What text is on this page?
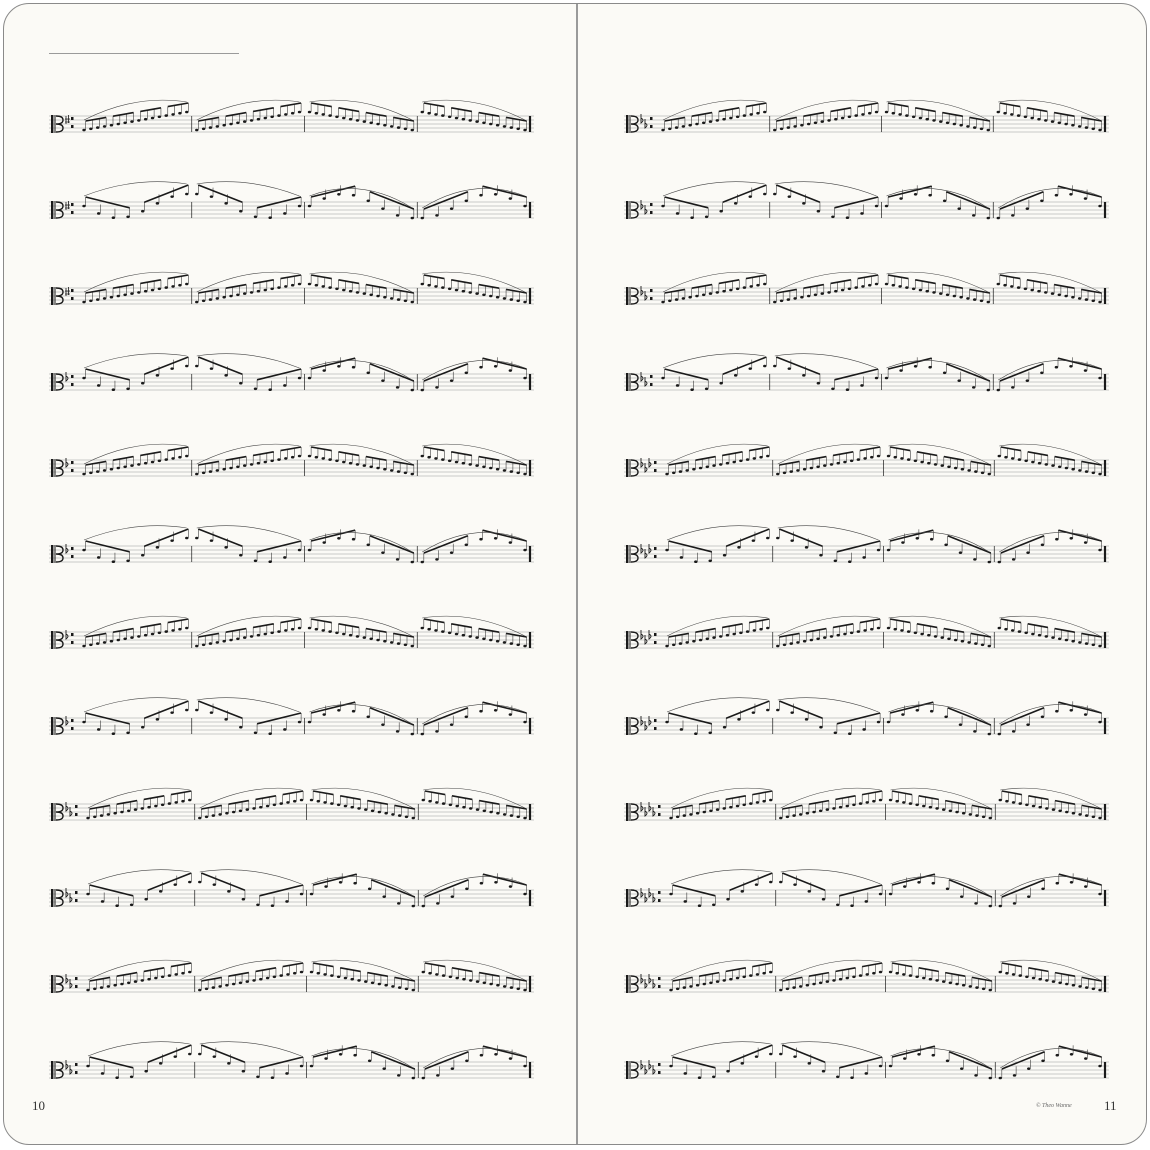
10	© Theo Wanne 11
